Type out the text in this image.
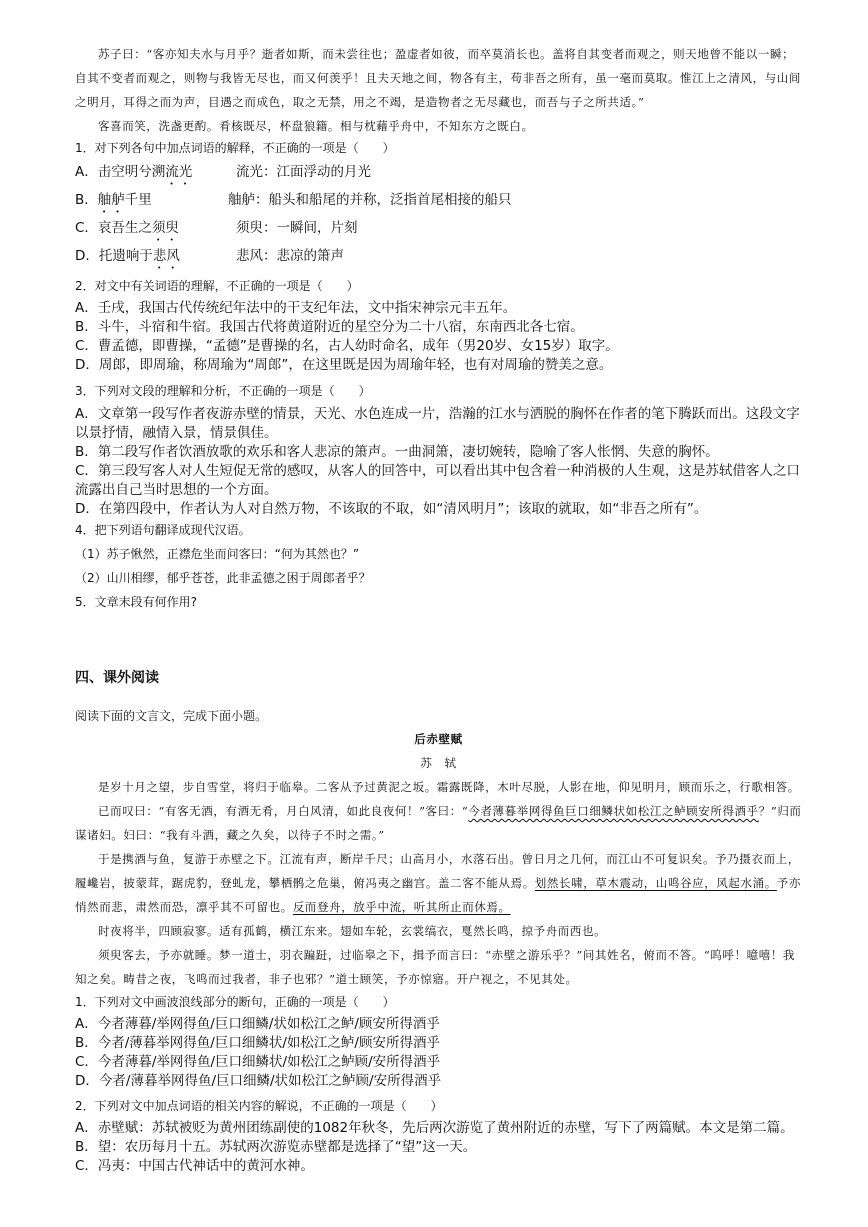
苏子曰：“客亦知夫水与月乎？逝者如斯，而未尝往也；盈虚者如彼，而卒莫消长也。盖将自其变者而观之，则天地曾不能以一瞬；自其不变者而观之，则物与我皆无尽也，而又何羡乎！且夫天地之间，物各有主，苟非吾之所有，虽一毫而莫取。惟江上之清风，与山间之明月，耳得之而为声，目遇之而成色，取之无禁，用之不竭，是造物者之无尽藏也，而吾与子之所共适。”

客喜而笑，洗盏更酌。肴核既尽，杯盘狼籍。相与枕藉乎舟中，不知东方之既白。

1．对下列各句中加点词语的解释，不正确的一项是（　　）

A．击空明兮溯流光	流光：江面浮动的月光
B．舳舻千里	舳舻：船头和船尾的并称，泛指首尾相接的船只
C．哀吾生之须臾	须臾：一瞬间，片刻
D．托遗响于悲风	悲风：悲凉的箫声

2．对文中有关词语的理解，不正确的一项是（　　）

A．壬戌，我国古代传统纪年法中的干支纪年法，文中指宋神宗元丰五年。

B．斗牛，斗宿和牛宿。我国古代将黄道附近的星空分为二十八宿，东南西北各七宿。

C．曹孟德，即曹操，“孟德”是曹操的名，古人幼时命名，成年（男20岁、女15岁）取字。

D．周郎，即周瑜，称周瑜为“周郎”，在这里既是因为周瑜年轻，也有对周瑜的赞美之意。

3．下列对文段的理解和分析，不正确的一项是（　　）

A．文章第一段写作者夜游赤壁的情景，天光、水色连成一片，浩瀚的江水与洒脱的胸怀在作者的笔下腾跃而出。这段文字以景抒情，融情入景，情景俱佳。

B．第二段写作者饮酒放歌的欢乐和客人悲凉的箫声。一曲洞箫，凄切婉转，隐喻了客人怅惘、失意的胸怀。

C．第三段写客人对人生短促无常的感叹，从客人的回答中，可以看出其中包含着一种消极的人生观，这是苏轼借客人之口流露出自己当时思想的一个方面。

D．在第四段中，作者认为人对自然万物，不该取的不取，如“清风明月”；该取的就取，如“非吾之所有”。

4．把下列语句翻译成现代汉语。

（1）苏子愀然，正襟危坐而问客曰：“何为其然也？”

（2）山川相缪，郁乎苍苍，此非孟德之困于周郎者乎？

5．文章末段有何作用?

四、课外阅读

阅读下面的文言文，完成下面小题。

后赤壁赋

苏　轼

是岁十月之望，步自雪堂，将归于临皋。二客从予过黄泥之坂。霜露既降，木叶尽脱，人影在地，仰见明月，顾而乐之，行歌相答。

已而叹曰：“有客无酒，有酒无肴，月白风清，如此良夜何！”客曰：“今者薄暮举网得鱼巨口细鳞状如松江之鲈顾安所得酒乎？”归而谋诸妇。妇曰：“我有斗酒，藏之久矣，以待子不时之需。”

于是携酒与鱼，复游于赤壁之下。江流有声，断岸千尺；山高月小，水落石出。曾日月之几何，而江山不可复识矣。予乃摄衣而上，履巉岩，披蒙茸，踞虎豹，登虬龙，攀栖鹘之危巢，俯冯夷之幽宫。盖二客不能从焉。划然长啸，草木震动，山鸣谷应，风起水涌。予亦悄然而悲，肃然而恐，凛乎其不可留也。反而登舟，放乎中流，听其所止而休焉。

时夜将半，四顾寂寥。适有孤鹤，横江东来。翅如车轮，玄裳缟衣，戛然长鸣，掠予舟而西也。

须臾客去，予亦就睡。梦一道士，羽衣蹁跹，过临皋之下，揖予而言曰：“赤壁之游乐乎？”问其姓名，俯而不答。“呜呼！噫嘻！我知之矣。畴昔之夜，飞鸣而过我者，非子也邪？”道士顾笑，予亦惊寤。开户视之，不见其处。

1．下列对文中画波浪线部分的断句，正确的一项是（　　）

A．今者薄暮/举网得鱼/巨口细鳞/状如松江之鲈/顾安所得酒乎

B．今者/薄暮举网得鱼/巨口细鳞状/如松江之鲈/顾安所得酒乎

C．今者薄暮/举网得鱼/巨口细鳞状/如松江之鲈顾/安所得酒乎

D．今者/薄暮举网得鱼/巨口细鳞/状如松江之鲈顾/安所得酒乎

2．下列对文中加点词语的相关内容的解说，不正确的一项是（　　）

A．赤壁赋：苏轼被贬为黄州团练副使的1082年秋冬，先后两次游览了黄州附近的赤壁，写下了两篇赋。本文是第二篇。

B．望：农历每月十五。苏轼两次游览赤壁都是选择了“望”这一天。

C．冯夷：中国古代神话中的黄河水神。
